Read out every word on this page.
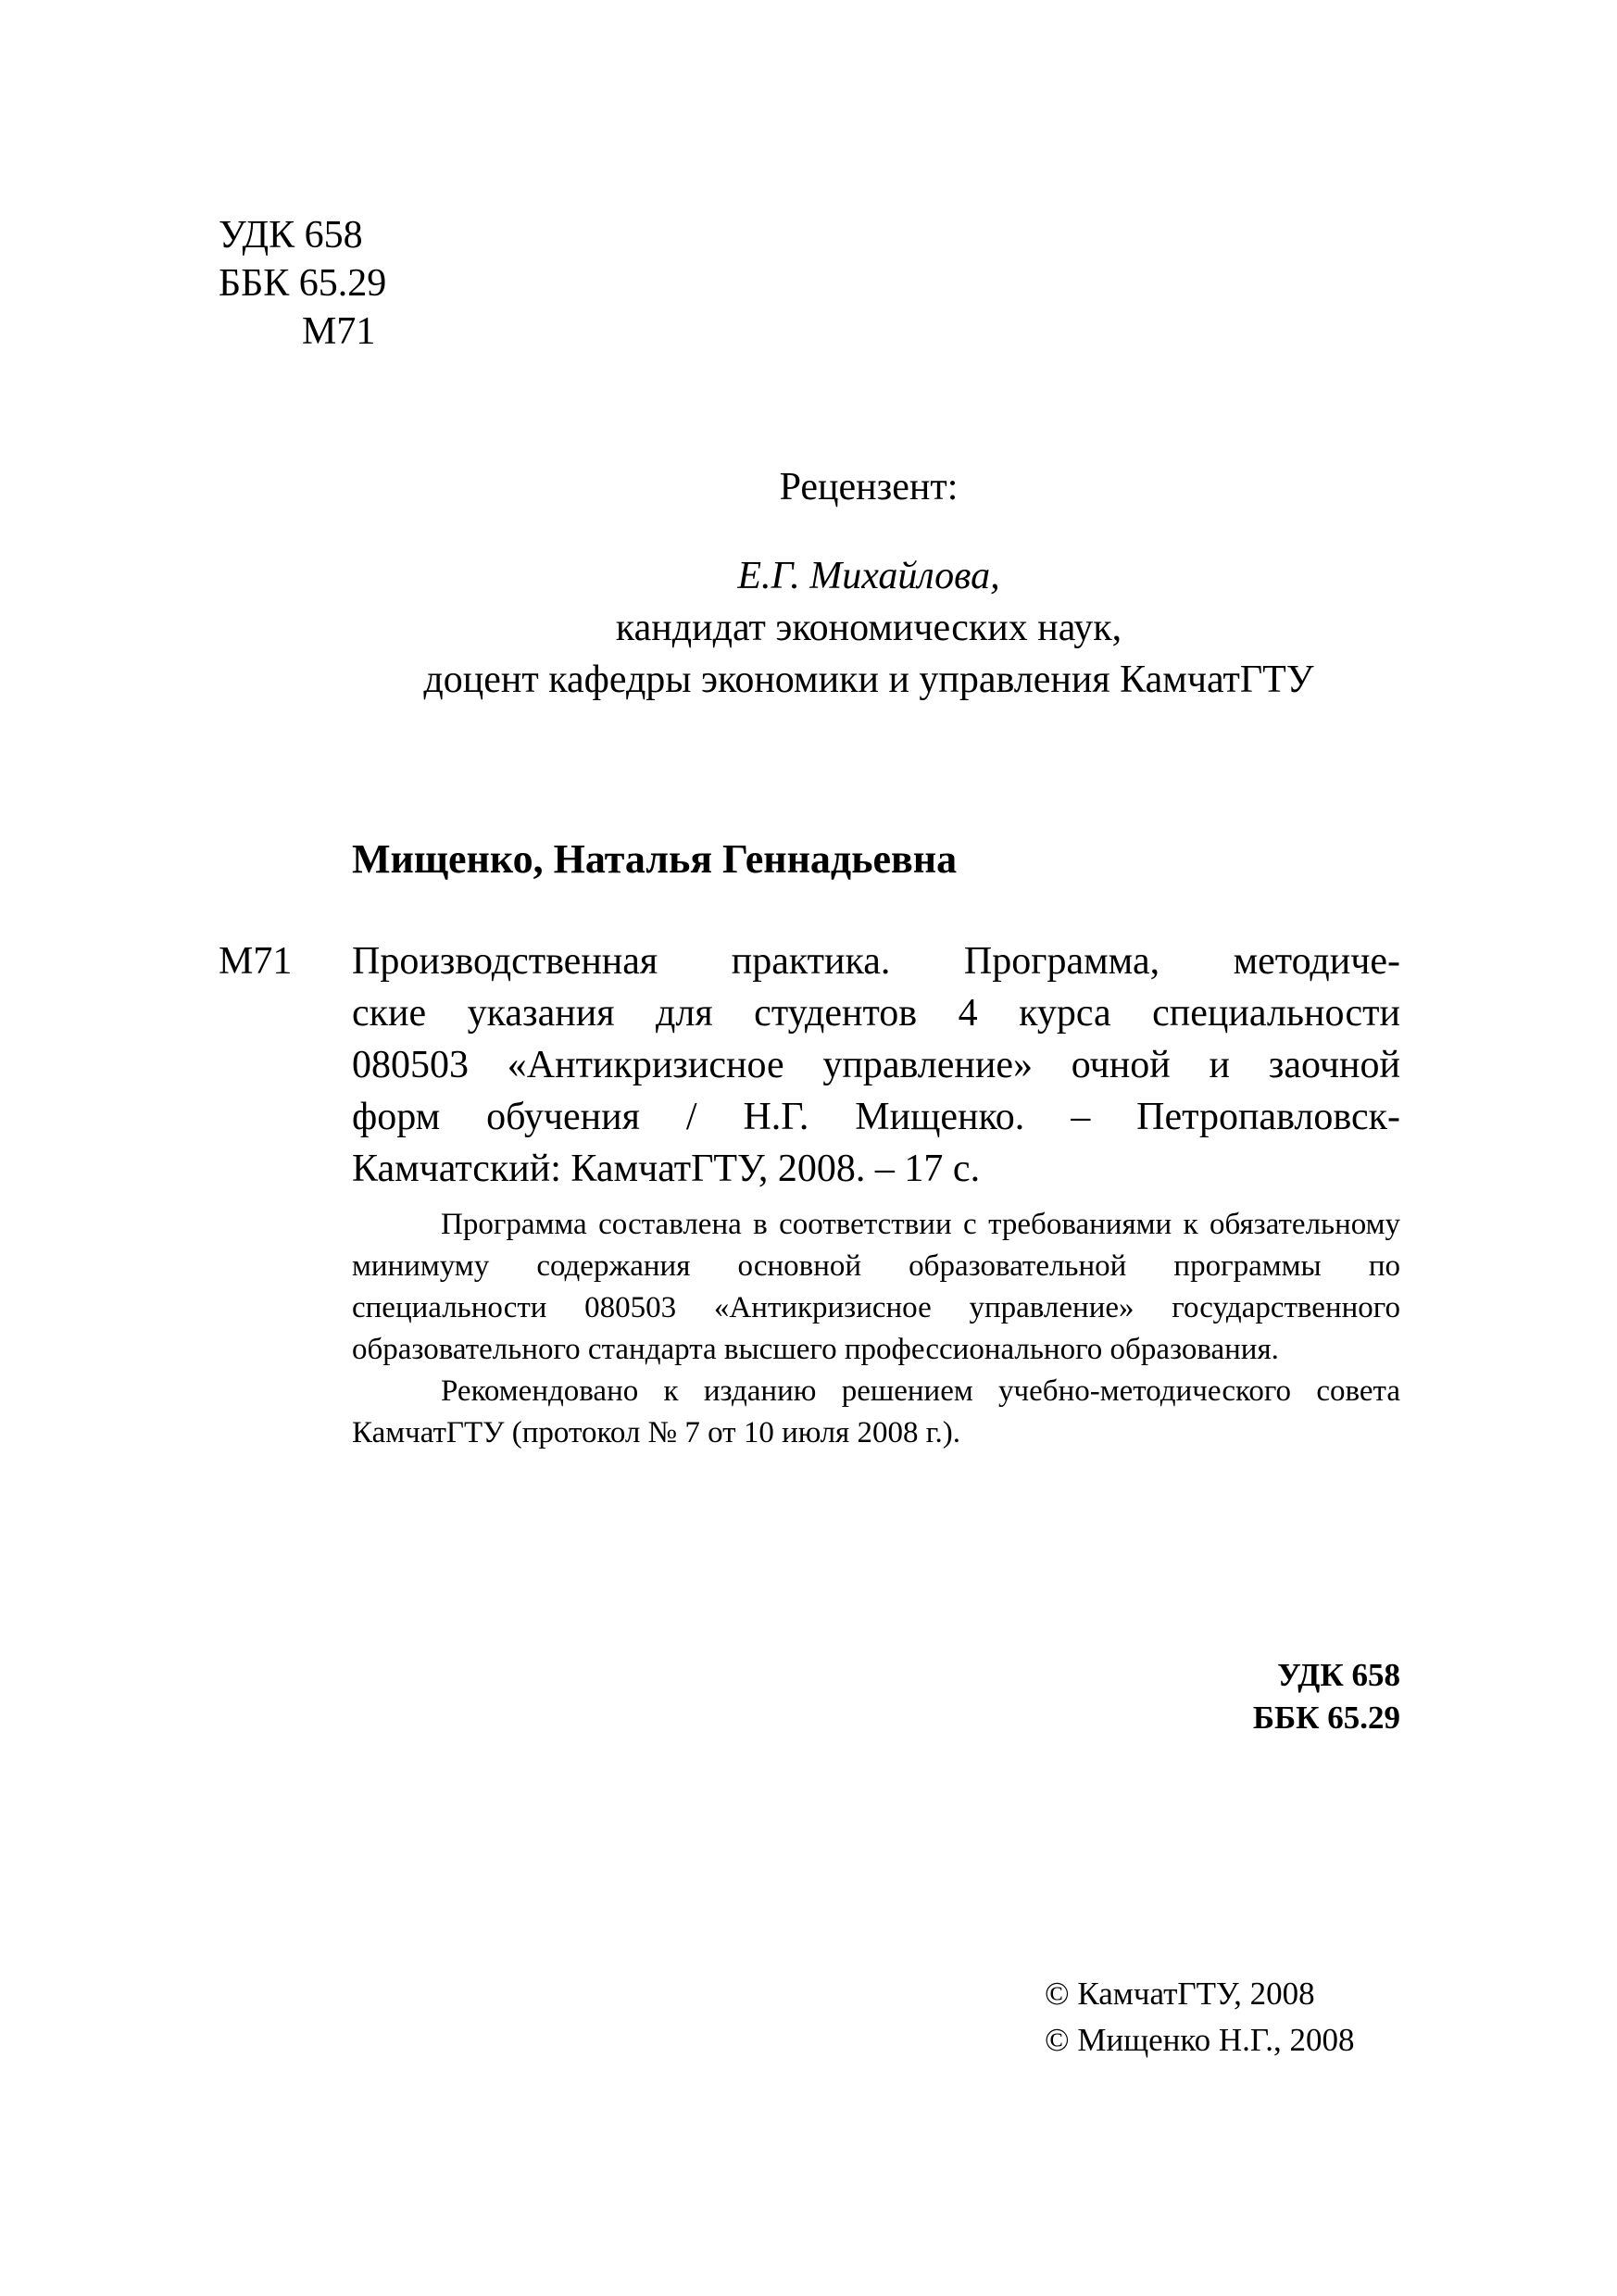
УДК 658
ББК 65.29
М71
Рецензент:
Е.Г. Михайлова,
кандидат экономических наук,
доцент кафедры экономики и управления КамчатГТУ
Мищенко, Наталья Геннадьевна
М71 Производственная практика. Программа, методиче-
ские указания для студентов 4 курса специальности
080503 «Антикризисное управление» очной и заочной
форм обучения / Н.Г. Мищенко. – Петропавловск-
Камчатский: КамчатГТУ, 2008. – 17 с.

Программа составлена в соответствии с требованиями к обязательному минимуму содержания основной образовательной программы по специальности 080503 «Антикризисное управление» государственного образовательного стандарта высшего профессионального образования.

Рекомендовано к изданию решением учебно-методического совета КамчатГТУ (протокол № 7 от 10 июля 2008 г.).

УДК 658
ББК 65.29
© КамчатГТУ, 2008
© Мищенко Н.Г., 2008
